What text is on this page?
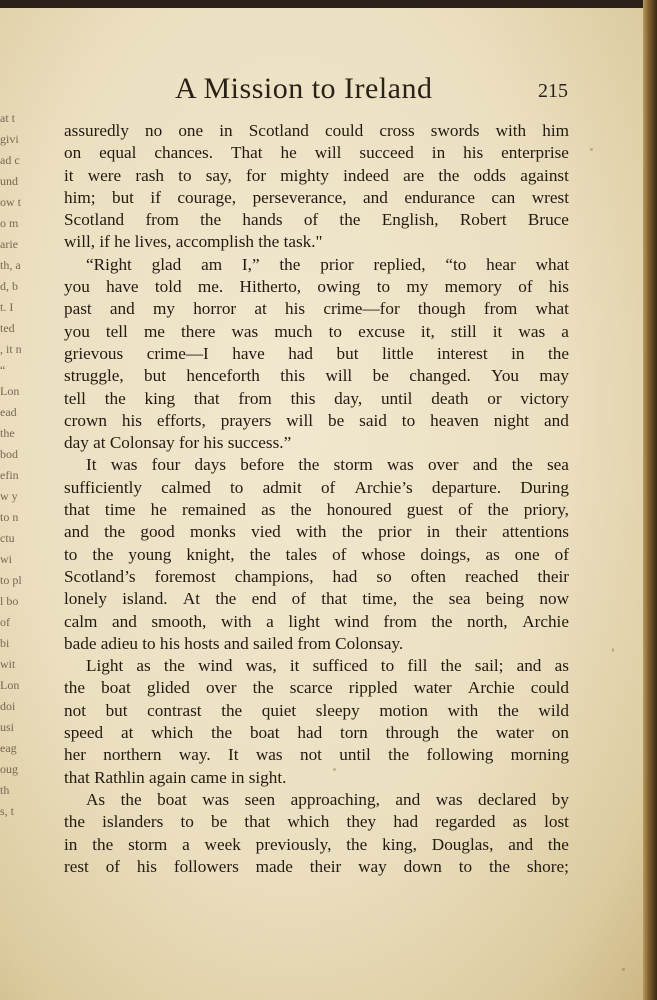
at t
givi
ad c
und
ow t
o m
arie
th, a
d, b
t. I
ted
, it n
“
Lon
ead
the
bod
efin
w y
to n
ctu
wi
to pl
l bo
of
bi
wit
Lon
doi
usi
eag
oug
th
s, t
A Mission to Ireland	215
assuredly no one in Scotland could cross swords with him
on equal chances. That he will succeed in his enterprise
it were rash to say, for mighty indeed are the odds against
him; but if courage, perseverance, and endurance can wrest
Scotland from the hands of the English, Robert Bruce
will, if he lives, accomplish the task."
“Right glad am I,” the prior replied, “to hear what
you have told me. Hitherto, owing to my memory of his
past and my horror at his crime—for though from what
you tell me there was much to excuse it, still it was a
grievous crime—I have had but little interest in the
struggle, but henceforth this will be changed. You may
tell the king that from this day, until death or victory
crown his efforts, prayers will be said to heaven night and
day at Colonsay for his success.”
It was four days before the storm was over and the sea
sufficiently calmed to admit of Archie’s departure. During
that time he remained as the honoured guest of the priory,
and the good monks vied with the prior in their attentions
to the young knight, the tales of whose doings, as one of
Scotland’s foremost champions, had so often reached their
lonely island. At the end of that time, the sea being now
calm and smooth, with a light wind from the north, Archie
bade adieu to his hosts and sailed from Colonsay.
Light as the wind was, it sufficed to fill the sail; and as
the boat glided over the scarce rippled water Archie could
not but contrast the quiet sleepy motion with the wild
speed at which the boat had torn through the water on
her northern way. It was not until the following morning
that Rathlin again came in sight.
As the boat was seen approaching, and was declared by
the islanders to be that which they had regarded as lost
in the storm a week previously, the king, Douglas, and the
rest of his followers made their way down to the shore;
